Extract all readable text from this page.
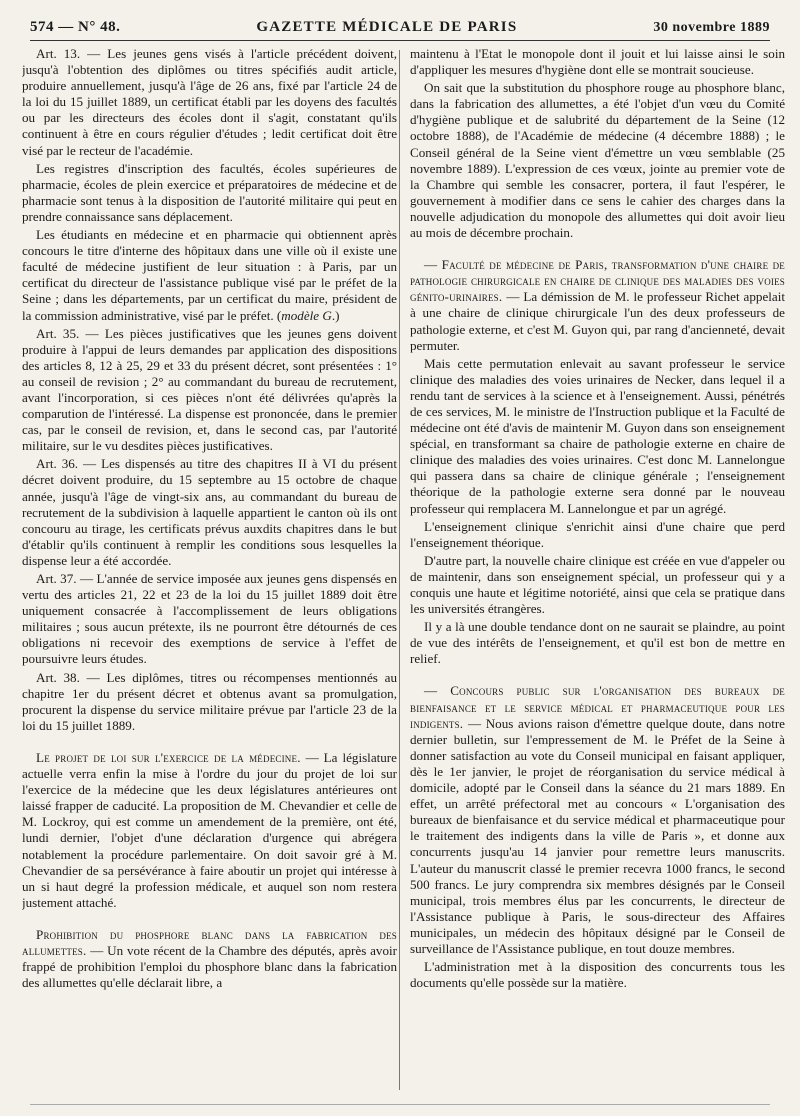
574 — N° 48.	GAZETTE MÉDICALE DE PARIS	30 novembre 1889

Art. 13. — Les jeunes gens visés à l'article précédent doivent, jusqu'à l'obtention des diplômes ou titres spécifiés audit article, produire annuellement, jusqu'à l'âge de 26 ans, fixé par l'article 24 de la loi du 15 juillet 1889, un certificat établi par les doyens des facultés ou par les directeurs des écoles dont il s'agit, constatant qu'ils continuent à être en cours régulier d'études ; ledit certificat doit être visé par le recteur de l'académie.

Les registres d'inscription des facultés, écoles supérieures de pharmacie, écoles de plein exercice et préparatoires de médecine et de pharmacie sont tenus à la disposition de l'autorité militaire qui peut en prendre connaissance sans déplacement.

Les étudiants en médecine et en pharmacie qui obtiennent après concours le titre d'interne des hôpitaux dans une ville où il existe une faculté de médecine justifient de leur situation : à Paris, par un certificat du directeur de l'assistance publique visé par le préfet de la Seine ; dans les départements, par un certificat du maire, président de la commission administrative, visé par le préfet. (modèle G.)

Art. 35. — Les pièces justificatives que les jeunes gens doivent produire à l'appui de leurs demandes par application des dispositions des articles 8, 12 à 25, 29 et 33 du présent décret, sont présentées : 1° au conseil de revision ; 2° au commandant du bureau de recrutement, avant l'incorporation, si ces pièces n'ont été délivrées qu'après la comparution de l'intéressé. La dispense est prononcée, dans le premier cas, par le conseil de revision, et, dans le second cas, par l'autorité militaire, sur le vu desdites pièces justificatives.

Art. 36. — Les dispensés au titre des chapitres II à VI du présent décret doivent produire, du 15 septembre au 15 octobre de chaque année, jusqu'à l'âge de vingt-six ans, au commandant du bureau de recrutement de la subdivision à laquelle appartient le canton où ils ont concouru au tirage, les certificats prévus auxdits chapitres dans le but d'établir qu'ils continuent à remplir les conditions sous lesquelles la dispense leur a été accordée.

Art. 37. — L'année de service imposée aux jeunes gens dispensés en vertu des articles 21, 22 et 23 de la loi du 15 juillet 1889 doit être uniquement consacrée à l'accomplissement de leurs obligations militaires ; sous aucun prétexte, ils ne pourront être détournés de ces obligations ni recevoir des exemptions de service à l'effet de poursuivre leurs études.

Art. 38. — Les diplômes, titres ou récompenses mentionnés au chapitre 1er du présent décret et obtenus avant sa promulgation, procurent la dispense du service militaire prévue par l'article 23 de la loi du 15 juillet 1889.

Le projet de loi sur l'exercice de la médecine. — La législature actuelle verra enfin la mise à l'ordre du jour du projet de loi sur l'exercice de la médecine que les deux législatures antérieures ont laissé frapper de caducité. La proposition de M. Chevandier et celle de M. Lockroy, qui est comme un amendement de la première, ont été, lundi dernier, l'objet d'une déclaration d'urgence qui abrégera notablement la procédure parlementaire. On doit savoir gré à M. Chevandier de sa persévérance à faire aboutir un projet qui intéresse à un si haut degré la profession médicale, et auquel son nom restera justement attaché.

Prohibition du phosphore blanc dans la fabrication des allumettes. — Un vote récent de la Chambre des députés, après avoir frappé de prohibition l'emploi du phosphore blanc dans la fabrication des allumettes qu'elle déclarait libre, a

maintenu à l'Etat le monopole dont il jouit et lui laisse ainsi le soin d'appliquer les mesures d'hygiène dont elle se montrait soucieuse.

On sait que la substitution du phosphore rouge au phosphore blanc, dans la fabrication des allumettes, a été l'objet d'un vœu du Comité d'hygiène publique et de salubrité du département de la Seine (12 octobre 1888), de l'Académie de médecine (4 décembre 1888) ; le Conseil général de la Seine vient d'émettre un vœu semblable (25 novembre 1889). L'expression de ces vœux, jointe au premier vote de la Chambre qui semble les consacrer, portera, il faut l'espérer, le gouvernement à modifier dans ce sens le cahier des charges dans la nouvelle adjudication du monopole des allumettes qui doit avoir lieu au mois de décembre prochain.

— Faculté de médecine de Paris, transformation d'une chaire de pathologie chirurgicale en chaire de clinique des maladies des voies génito-urinaires. — La démission de M. le professeur Richet appelait à une chaire de clinique chirurgicale l'un des deux professeurs de pathologie externe, et c'est M. Guyon qui, par rang d'ancienneté, devait permuter.

Mais cette permutation enlevait au savant professeur le service clinique des maladies des voies urinaires de Necker, dans lequel il a rendu tant de services à la science et à l'enseignement. Aussi, pénétrés de ces services, M. le ministre de l'Instruction publique et la Faculté de médecine ont été d'avis de maintenir M. Guyon dans son enseignement spécial, en transformant sa chaire de pathologie externe en chaire de clinique des maladies des voies urinaires. C'est donc M. Lannelongue qui passera dans sa chaire de clinique générale ; l'enseignement théorique de la pathologie externe sera donné par le nouveau professeur qui remplacera M. Lannelongue et par un agrégé.

L'enseignement clinique s'enrichit ainsi d'une chaire que perd l'enseignement théorique.

D'autre part, la nouvelle chaire clinique est créée en vue d'appeler ou de maintenir, dans son enseignement spécial, un professeur qui y a conquis une haute et légitime notoriété, ainsi que cela se pratique dans les universités étrangères.

Il y a là une double tendance dont on ne saurait se plaindre, au point de vue des intérêts de l'enseignement, et qu'il est bon de mettre en relief.

— Concours public sur l'organisation des bureaux de bienfaisance et le service médical et pharmaceutique pour les indigents. — Nous avions raison d'émettre quelque doute, dans notre dernier bulletin, sur l'empressement de M. le Préfet de la Seine à donner satisfaction au vote du Conseil municipal en faisant appliquer, dès le 1er janvier, le projet de réorganisation du service médical à domicile, adopté par le Conseil dans la séance du 21 mars 1889. En effet, un arrêté préfectoral met au concours « L'organisation des bureaux de bienfaisance et du service médical et pharmaceutique pour le traitement des indigents dans la ville de Paris », et donne aux concurrents jusqu'au 14 janvier pour remettre leurs manuscrits. L'auteur du manuscrit classé le premier recevra 1000 francs, le second 500 francs. Le jury comprendra six membres désignés par le Conseil municipal, trois membres élus par les concurrents, le directeur de l'Assistance publique à Paris, le sous-directeur des Affaires municipales, un médecin des hôpitaux désigné par le Conseil de surveillance de l'Assistance publique, en tout douze membres.

L'administration met à la disposition des concurrents tous les documents qu'elle possède sur la matière.
